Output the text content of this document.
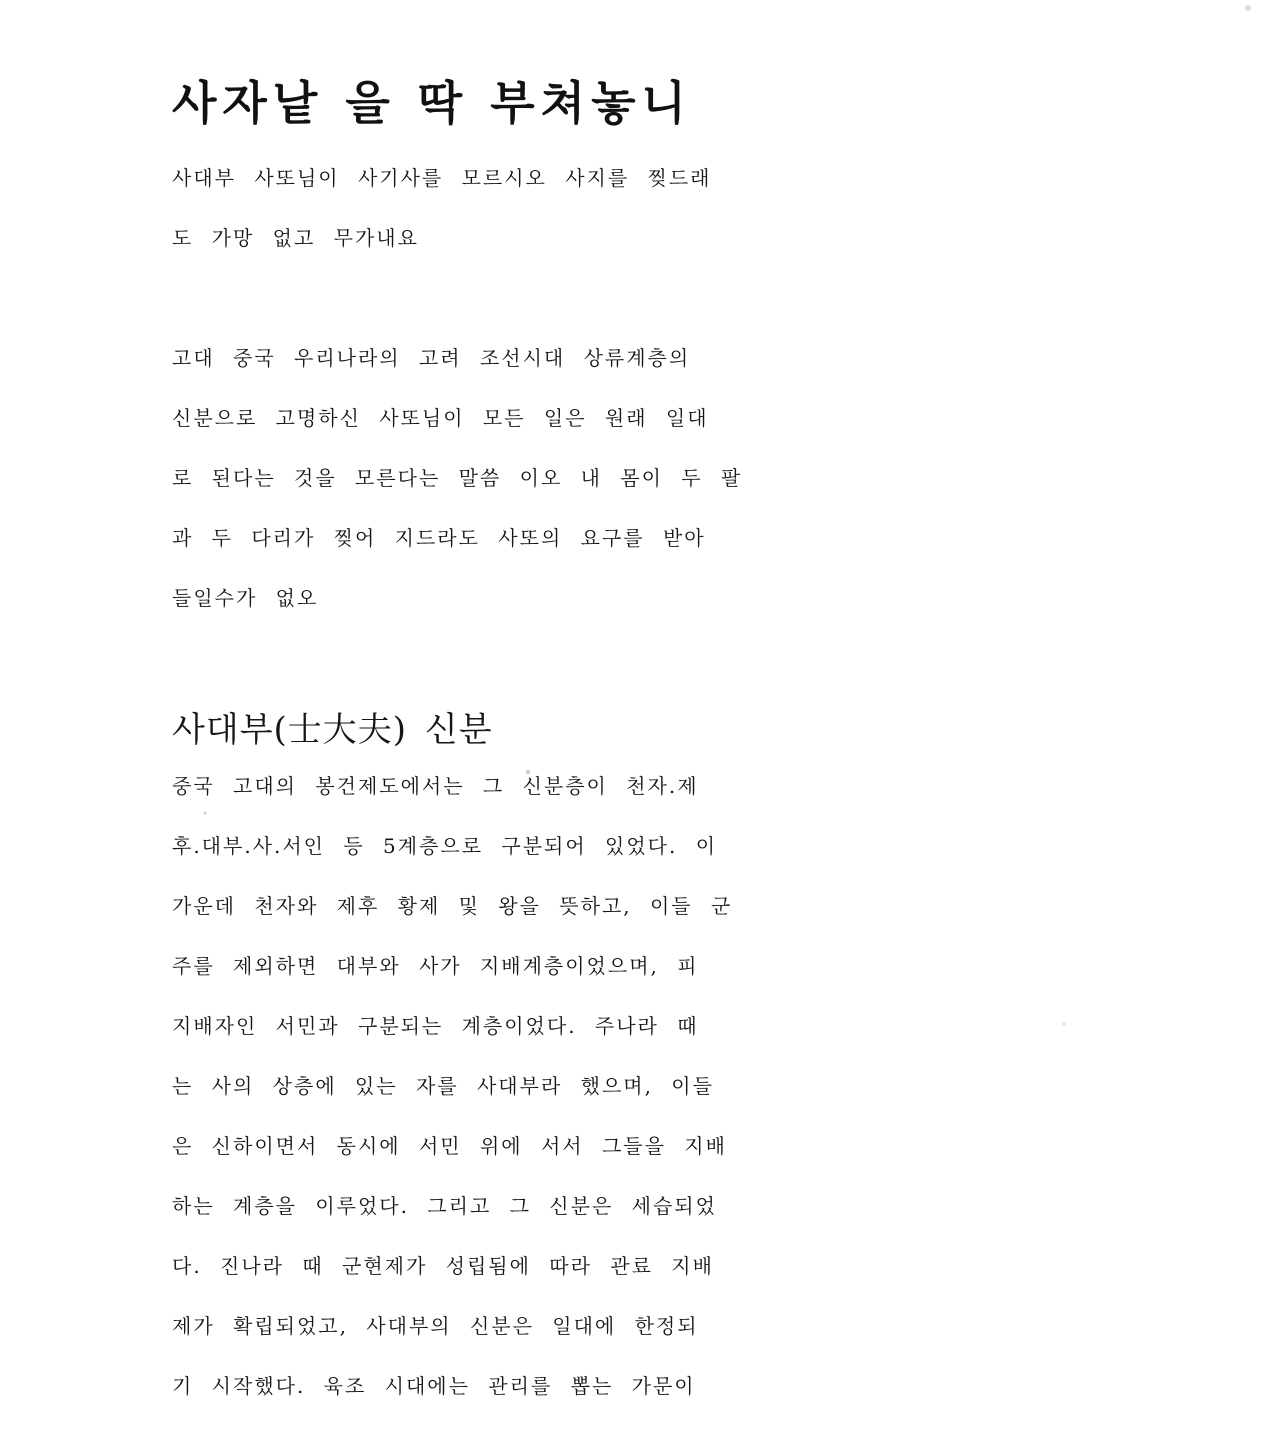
사자낱 을 딱 부쳐놓니

사대부 사또님이 사기사를 모르시오 사지를 찢드래

도 가망 없고 무가내요

고대 중국 우리나라의 고려 조선시대 상류계층의

신분으로 고명하신 사또님이 모든 일은 원래 일대

로 된다는 것을 모른다는 말씀 이오 내 몸이 두 팔

과 두 다리가 찢어 지드라도 사또의 요구를 받아

들일수가 없오

사대부(士大夫) 신분

중국 고대의 봉건제도에서는 그 신분층이 천자.제

후.대부.사.서인 등 5계층으로 구분되어 있었다. 이

가운데 천자와 제후 황제 및 왕을 뜻하고, 이들 군

주를 제외하면 대부와 사가 지배계층이었으며, 피

지배자인 서민과 구분되는 계층이었다. 주나라 때

는 사의 상층에 있는 자를 사대부라 했으며, 이들

은 신하이면서 동시에 서민 위에 서서 그들을 지배

하는 계층을 이루었다. 그리고 그 신분은 세습되었

다. 진나라 때 군현제가 성립됨에 따라 관료 지배

제가 확립되었고, 사대부의 신분은 일대에 한정되

기 시작했다. 육조 시대에는 관리를 뽑는 가문이
